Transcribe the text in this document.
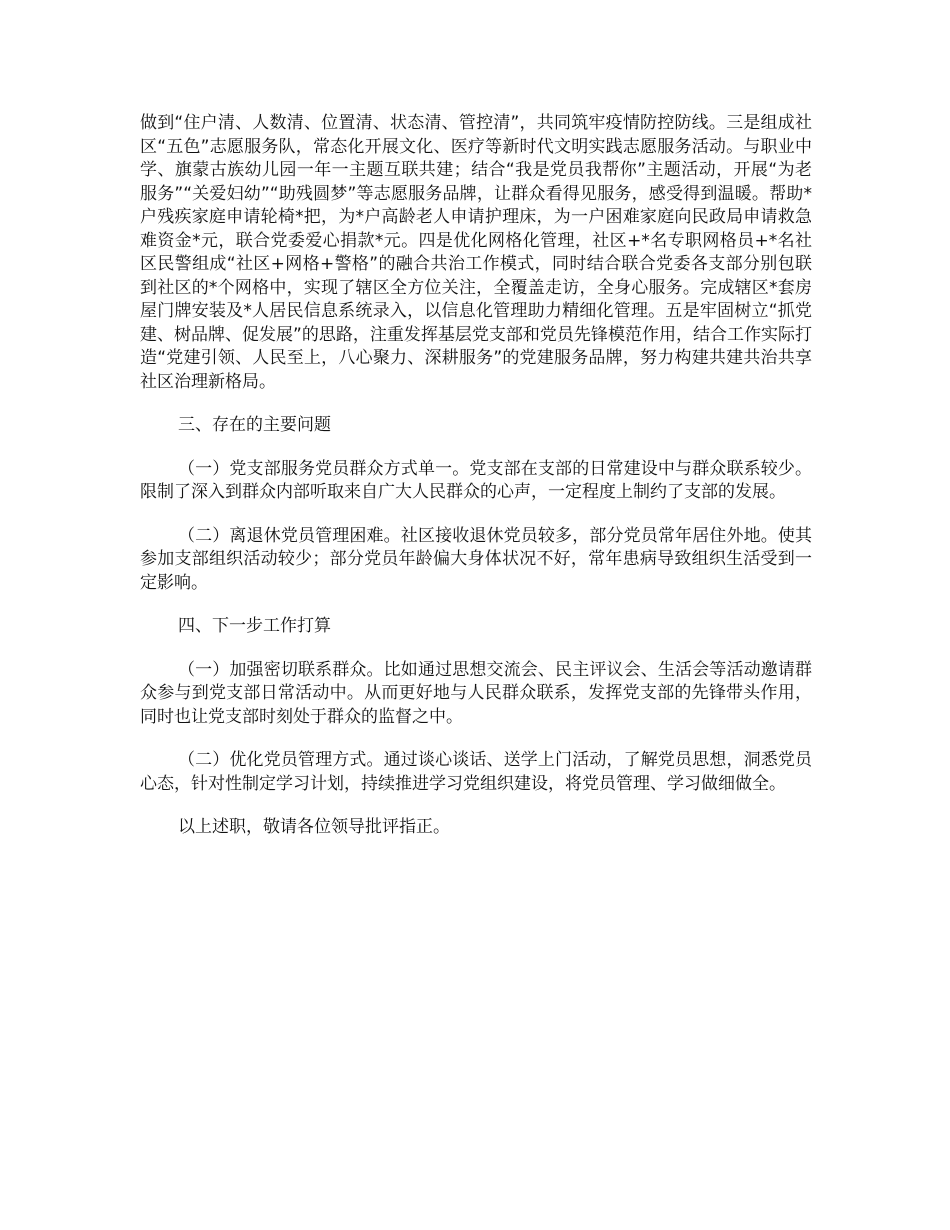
做到“住户清、人数清、位置清、状态清、管控清”，共同筑牢疫情防控防线。三是组成社区“五色”志愿服务队，常态化开展文化、医疗等新时代文明实践志愿服务活动。与职业中学、旗蒙古族幼儿园一年一主题互联共建；结合“我是党员我帮你”主题活动，开展“为老服务”“关爱妇幼”“助残圆梦”等志愿服务品牌，让群众看得见服务，感受得到温暖。帮助*户残疾家庭申请轮椅*把，为*户高龄老人申请护理床，为一户困难家庭向民政局申请救急难资金*元，联合党委爱心捐款*元。四是优化网格化管理，社区+*名专职网格员+*名社区民警组成“社区+网格+警格”的融合共治工作模式，同时结合联合党委各支部分别包联到社区的*个网格中，实现了辖区全方位关注，全覆盖走访，全身心服务。完成辖区*套房屋门牌安装及*人居民信息系统录入，以信息化管理助力精细化管理。五是牢固树立“抓党建、树品牌、促发展”的思路，注重发挥基层党支部和党员先锋模范作用，结合工作实际打造“党建引领、人民至上，八心聚力、深耕服务”的党建服务品牌，努力构建共建共治共享社区治理新格局。

三、存在的主要问题

（一）党支部服务党员群众方式单一。党支部在支部的日常建设中与群众联系较少。限制了深入到群众内部听取来自广大人民群众的心声，一定程度上制约了支部的发展。

（二）离退休党员管理困难。社区接收退休党员较多，部分党员常年居住外地。使其参加支部组织活动较少；部分党员年龄偏大身体状况不好，常年患病导致组织生活受到一定影响。

四、下一步工作打算

（一）加强密切联系群众。比如通过思想交流会、民主评议会、生活会等活动邀请群众参与到党支部日常活动中。从而更好地与人民群众联系，发挥党支部的先锋带头作用，同时也让党支部时刻处于群众的监督之中。

（二）优化党员管理方式。通过谈心谈话、送学上门活动，了解党员思想，洞悉党员心态，针对性制定学习计划，持续推进学习党组织建设，将党员管理、学习做细做全。

以上述职，敬请各位领导批评指正。
